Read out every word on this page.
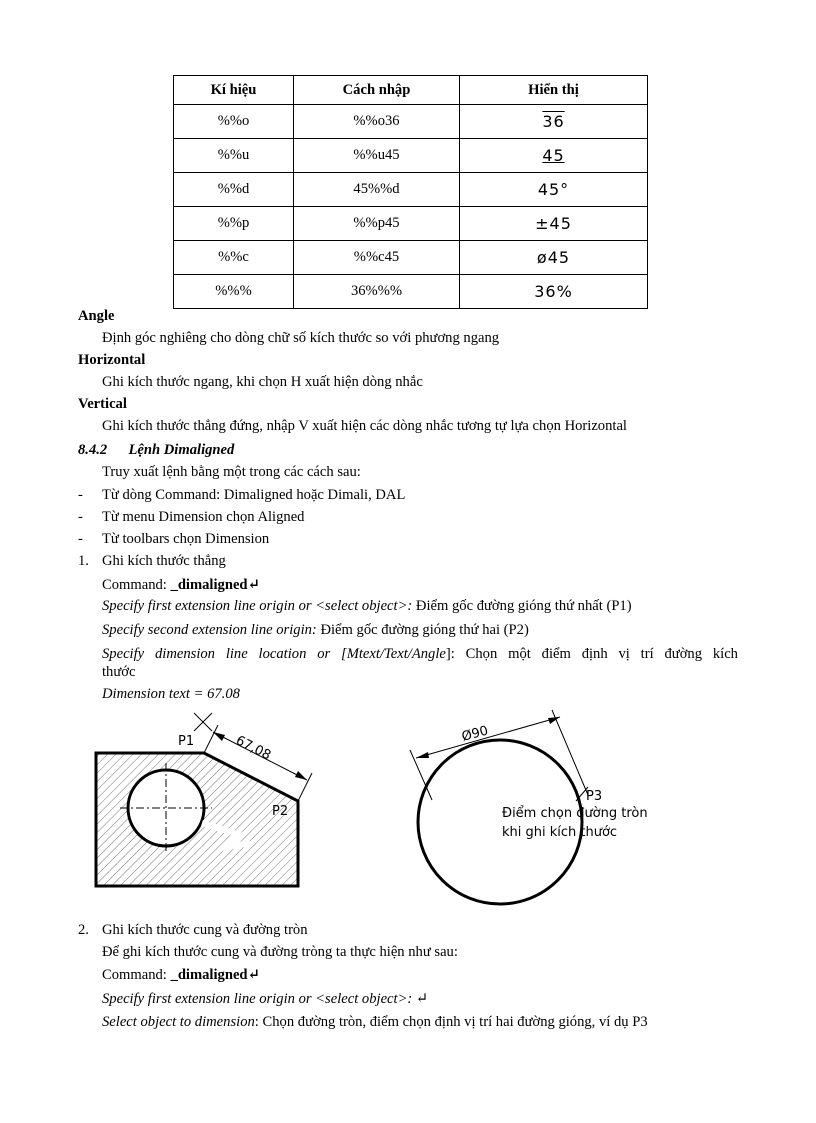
Kí hiệu	Cách nhập	Hiển thị
%%o	%%o36	36
%%u	%%u45	45
%%d	45%%d	45°
%%p	%%p45	±45
%%c	%%c45	ø45
%%%	36%%%	36%
Angle
Định góc nghiêng cho dòng chữ số kích thước so với phương ngang
Horizontal
Ghi kích thước ngang, khi chọn H xuất hiện dòng nhắc
Vertical
Ghi kích thước thẳng đứng, nhập V xuất hiện các dòng nhắc tương tự lựa chọn Horizontal
8.4.2 Lệnh Dimaligned
Truy xuất lệnh bằng một trong các cách sau:
- Từ dòng Command: Dimaligned hoặc Dimali, DAL
- Từ menu Dimension chọn Aligned
- Từ toolbars chọn Dimension
1. Ghi kích thước thẳng
Command: _dimaligned↵
Specify first extension line origin or <select object>: Điểm gốc đường gióng thứ nhất (P1)
Specify second extension line origin: Điểm gốc đường gióng thứ hai (P2)
Specify dimension line location or [Mtext/Text/Angle]: Chọn một điểm định vị trí đường kích
thước
Dimension text = 67.08
67,08
P1
P2
Ø90
P3
Điểm chọn đường tròn
khi ghi kích thước
2. Ghi kích thước cung và đường tròn
Để ghi kích thước cung và đường tròng ta thực hiện như sau:
Command: _dimaligned↵
Specify first extension line origin or <select object>: ↵
Select object to dimension: Chọn đường tròn, điểm chọn định vị trí hai đường gióng, ví dụ P3
